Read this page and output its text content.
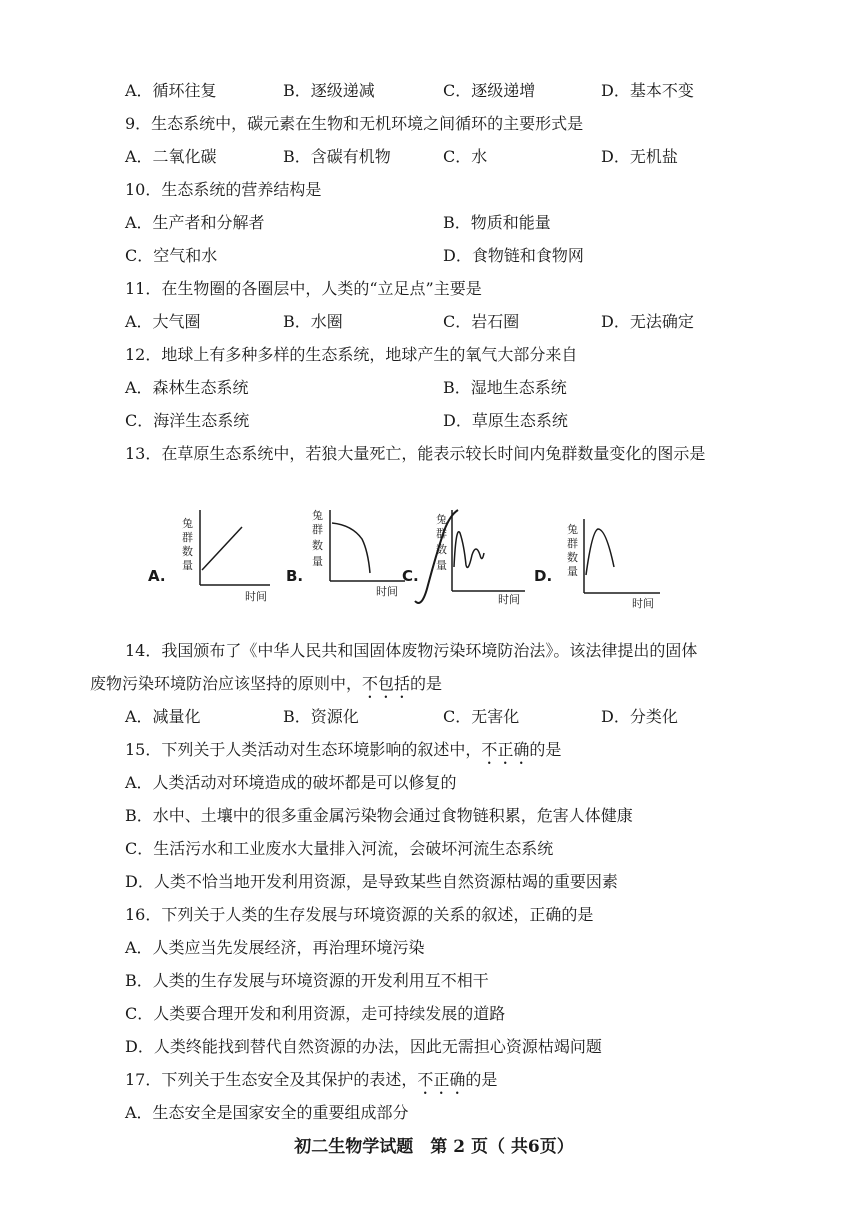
A．循环往复	B．逐级递减	C．逐级递增	D．基本不变
9．生态系统中，碳元素在生物和无机环境之间循环的主要形式是
A．二氧化碳	B．含碳有机物	C．水	D．无机盐
10．生态系统的营养结构是
A．生产者和分解者	B．物质和能量
C．空气和水	D．食物链和食物网
11．在生物圈的各圈层中，人类的“立足点”主要是
A．大气圈	B．水圈	C．岩石圈	D．无法确定
12．地球上有多种多样的生态系统，地球产生的氧气大部分来自
A．森林生态系统	B．湿地生态系统
C．海洋生态系统	D．草原生态系统
13．在草原生态系统中，若狼大量死亡，能表示较长时间内兔群数量变化的图示是
A.
兔
群
数
量
时间
B.
兔
群
数
量
时间
C.
兔
群
数
量
时间
D.
兔
群
数
量
时间
14．我国颁布了《中华人民共和国固体废物污染环境防治法》。该法律提出的固体
废物污染环境防治应该坚持的原则中，不包括的是
A．减量化	B．资源化	C．无害化	D．分类化
15．下列关于人类活动对生态环境影响的叙述中，不正确的是
A．人类活动对环境造成的破坏都是可以修复的
B．水中、土壤中的很多重金属污染物会通过食物链积累，危害人体健康
C．生活污水和工业废水大量排入河流，会破坏河流生态系统
D．人类不恰当地开发利用资源，是导致某些自然资源枯竭的重要因素
16．下列关于人类的生存发展与环境资源的关系的叙述，正确的是
A．人类应当先发展经济，再治理环境污染
B．人类的生存发展与环境资源的开发利用互不相干
C．人类要合理开发和利用资源，走可持续发展的道路
D．人类终能找到替代自然资源的办法，因此无需担心资源枯竭问题
17．下列关于生态安全及其保护的表述，不正确的是
A．生态安全是国家安全的重要组成部分
初二生物学试题　第 2 页（ 共6页）
